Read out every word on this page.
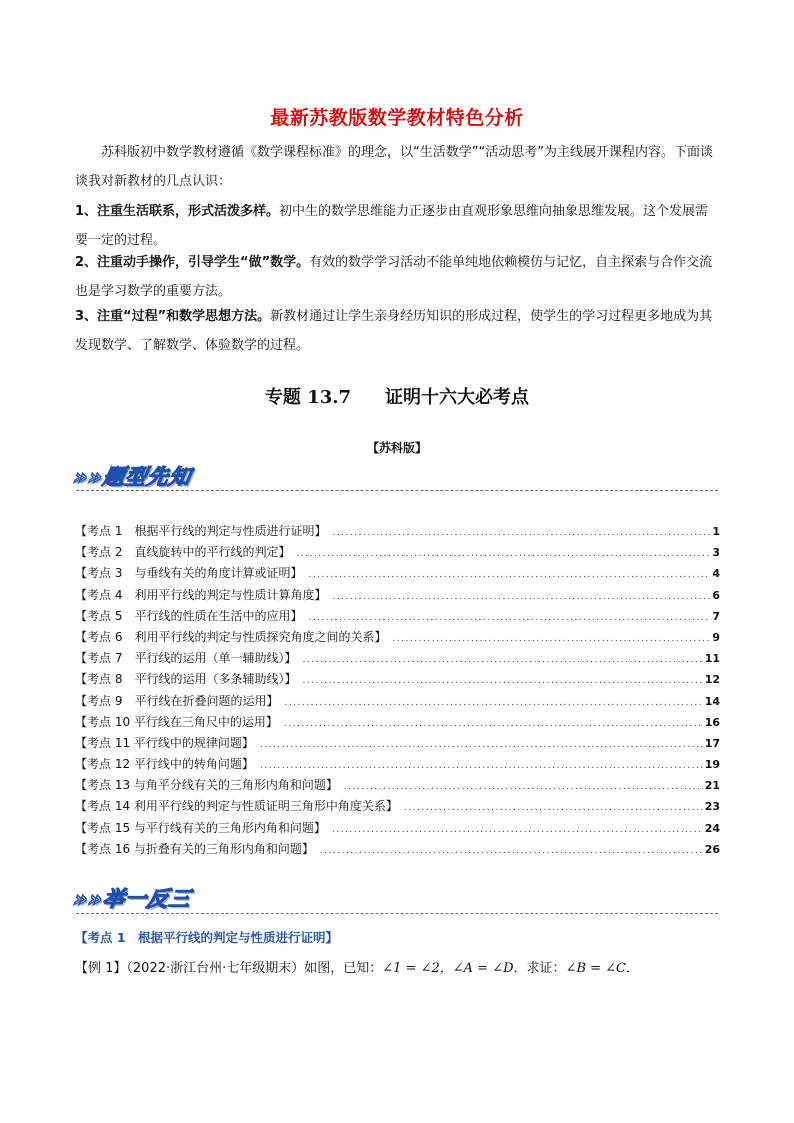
最新苏教版数学教材特色分析

苏科版初中数学教材遵循《数学课程标准》的理念，以“生活数学”“活动思考”为主线展开课程内容。下面谈谈我对新教材的几点认识：

1、注重生活联系，形式活泼多样。初中生的数学思维能力正逐步由直观形象思维向抽象思维发展。这个发展需要一定的过程。

2、注重动手操作，引导学生“做”数学。有效的数学学习活动不能单纯地依赖模仿与记忆，自主探索与合作交流也是学习数学的重要方法。

3、注重“过程”和数学思想方法。新教材通过让学生亲身经历知识的形成过程，使学生的学习过程更多地成为其发现数学、了解数学、体验数学的过程。

专题 13.7 证明十六大必考点
【苏科版】
»»题型先知
【考点 1　根据平行线的判定与性质进行证明】 .....	1
【考点 2　直线旋转中的平行线的判定】 .....	3
【考点 3　与垂线有关的角度计算或证明】 .....	4
【考点 4　利用平行线的判定与性质计算角度】 .....	6
【考点 5　平行线的性质在生活中的应用】 .....	7
【考点 6　利用平行线的判定与性质探究角度之间的关系】 .....	9
【考点 7　平行线的运用（单一辅助线）】 .....	11
【考点 8　平行线的运用（多条辅助线）】 .....	12
【考点 9　平行线在折叠问题的运用】 .....	14
【考点 10 平行线在三角尺中的运用】 .....	16
【考点 11 平行线中的规律问题】 .....	17
【考点 12 平行线中的转角问题】 .....	19
【考点 13 与角平分线有关的三角形内角和问题】 .....	21
【考点 14 利用平行线的判定与性质证明三角形中角度关系】 .....	23
【考点 15 与平行线有关的三角形内角和问题】 .....	24
【考点 16 与折叠有关的三角形内角和问题】 .....	26
»»举一反三
【考点 1　根据平行线的判定与性质进行证明】
【例 1】（2022·浙江台州·七年级期末）如图，已知：∠1 = ∠2，∠A = ∠D．求证：∠B = ∠C．
